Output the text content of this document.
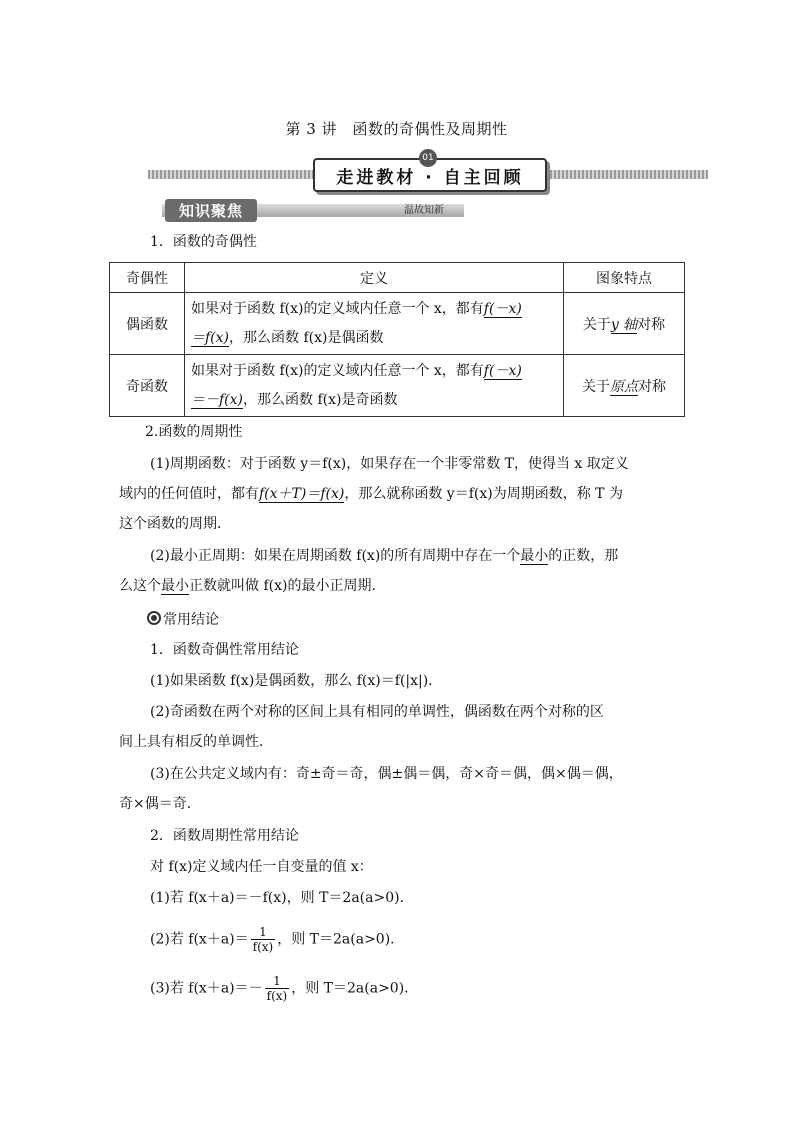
第 3 讲　函数的奇偶性及周期性
01
走进教材 · 自主回顾
知识聚焦	温故知新
1．函数的奇偶性
奇偶性	定义	图象特点
偶函数	如果对于函数 f(x)的定义域内任意一个 x，都有f(－x)
＝f(x)，那么函数 f(x)是偶函数	关于y 轴对称
奇函数	如果对于函数 f(x)的定义域内任意一个 x，都有f(－x)
＝－f(x)，那么函数 f(x)是奇函数	关于原点对称
2.函数的周期性
(1)周期函数：对于函数 y＝f(x)，如果存在一个非零常数 T，使得当 x 取定义
域内的任何值时，都有f(x＋T)＝f(x)，那么就称函数 y＝f(x)为周期函数，称 T 为
这个函数的周期．
(2)最小正周期：如果在周期函数 f(x)的所有周期中存在一个最小的正数，那
么这个最小正数就叫做 f(x)的最小正周期．
常用结论
1．函数奇偶性常用结论
(1)如果函数 f(x)是偶函数，那么 f(x)＝f(|x|)．
(2)奇函数在两个对称的区间上具有相同的单调性，偶函数在两个对称的区
间上具有相反的单调性．
(3)在公共定义域内有：奇±奇＝奇，偶±偶＝偶，奇×奇＝偶，偶×偶＝偶，
奇×偶＝奇．
2．函数周期性常用结论
对 f(x)定义域内任一自变量的值 x：
(1)若 f(x＋a)＝－f(x)，则 T＝2a(a>0)．
(2)若 $f(x+a)= \frac{1}{f(x)}$ ，则 T＝2a(a>0)．
(3)若 $f(x+a)=- \frac{1}{f(x)}$ ，则 T＝2a(a>0)．
